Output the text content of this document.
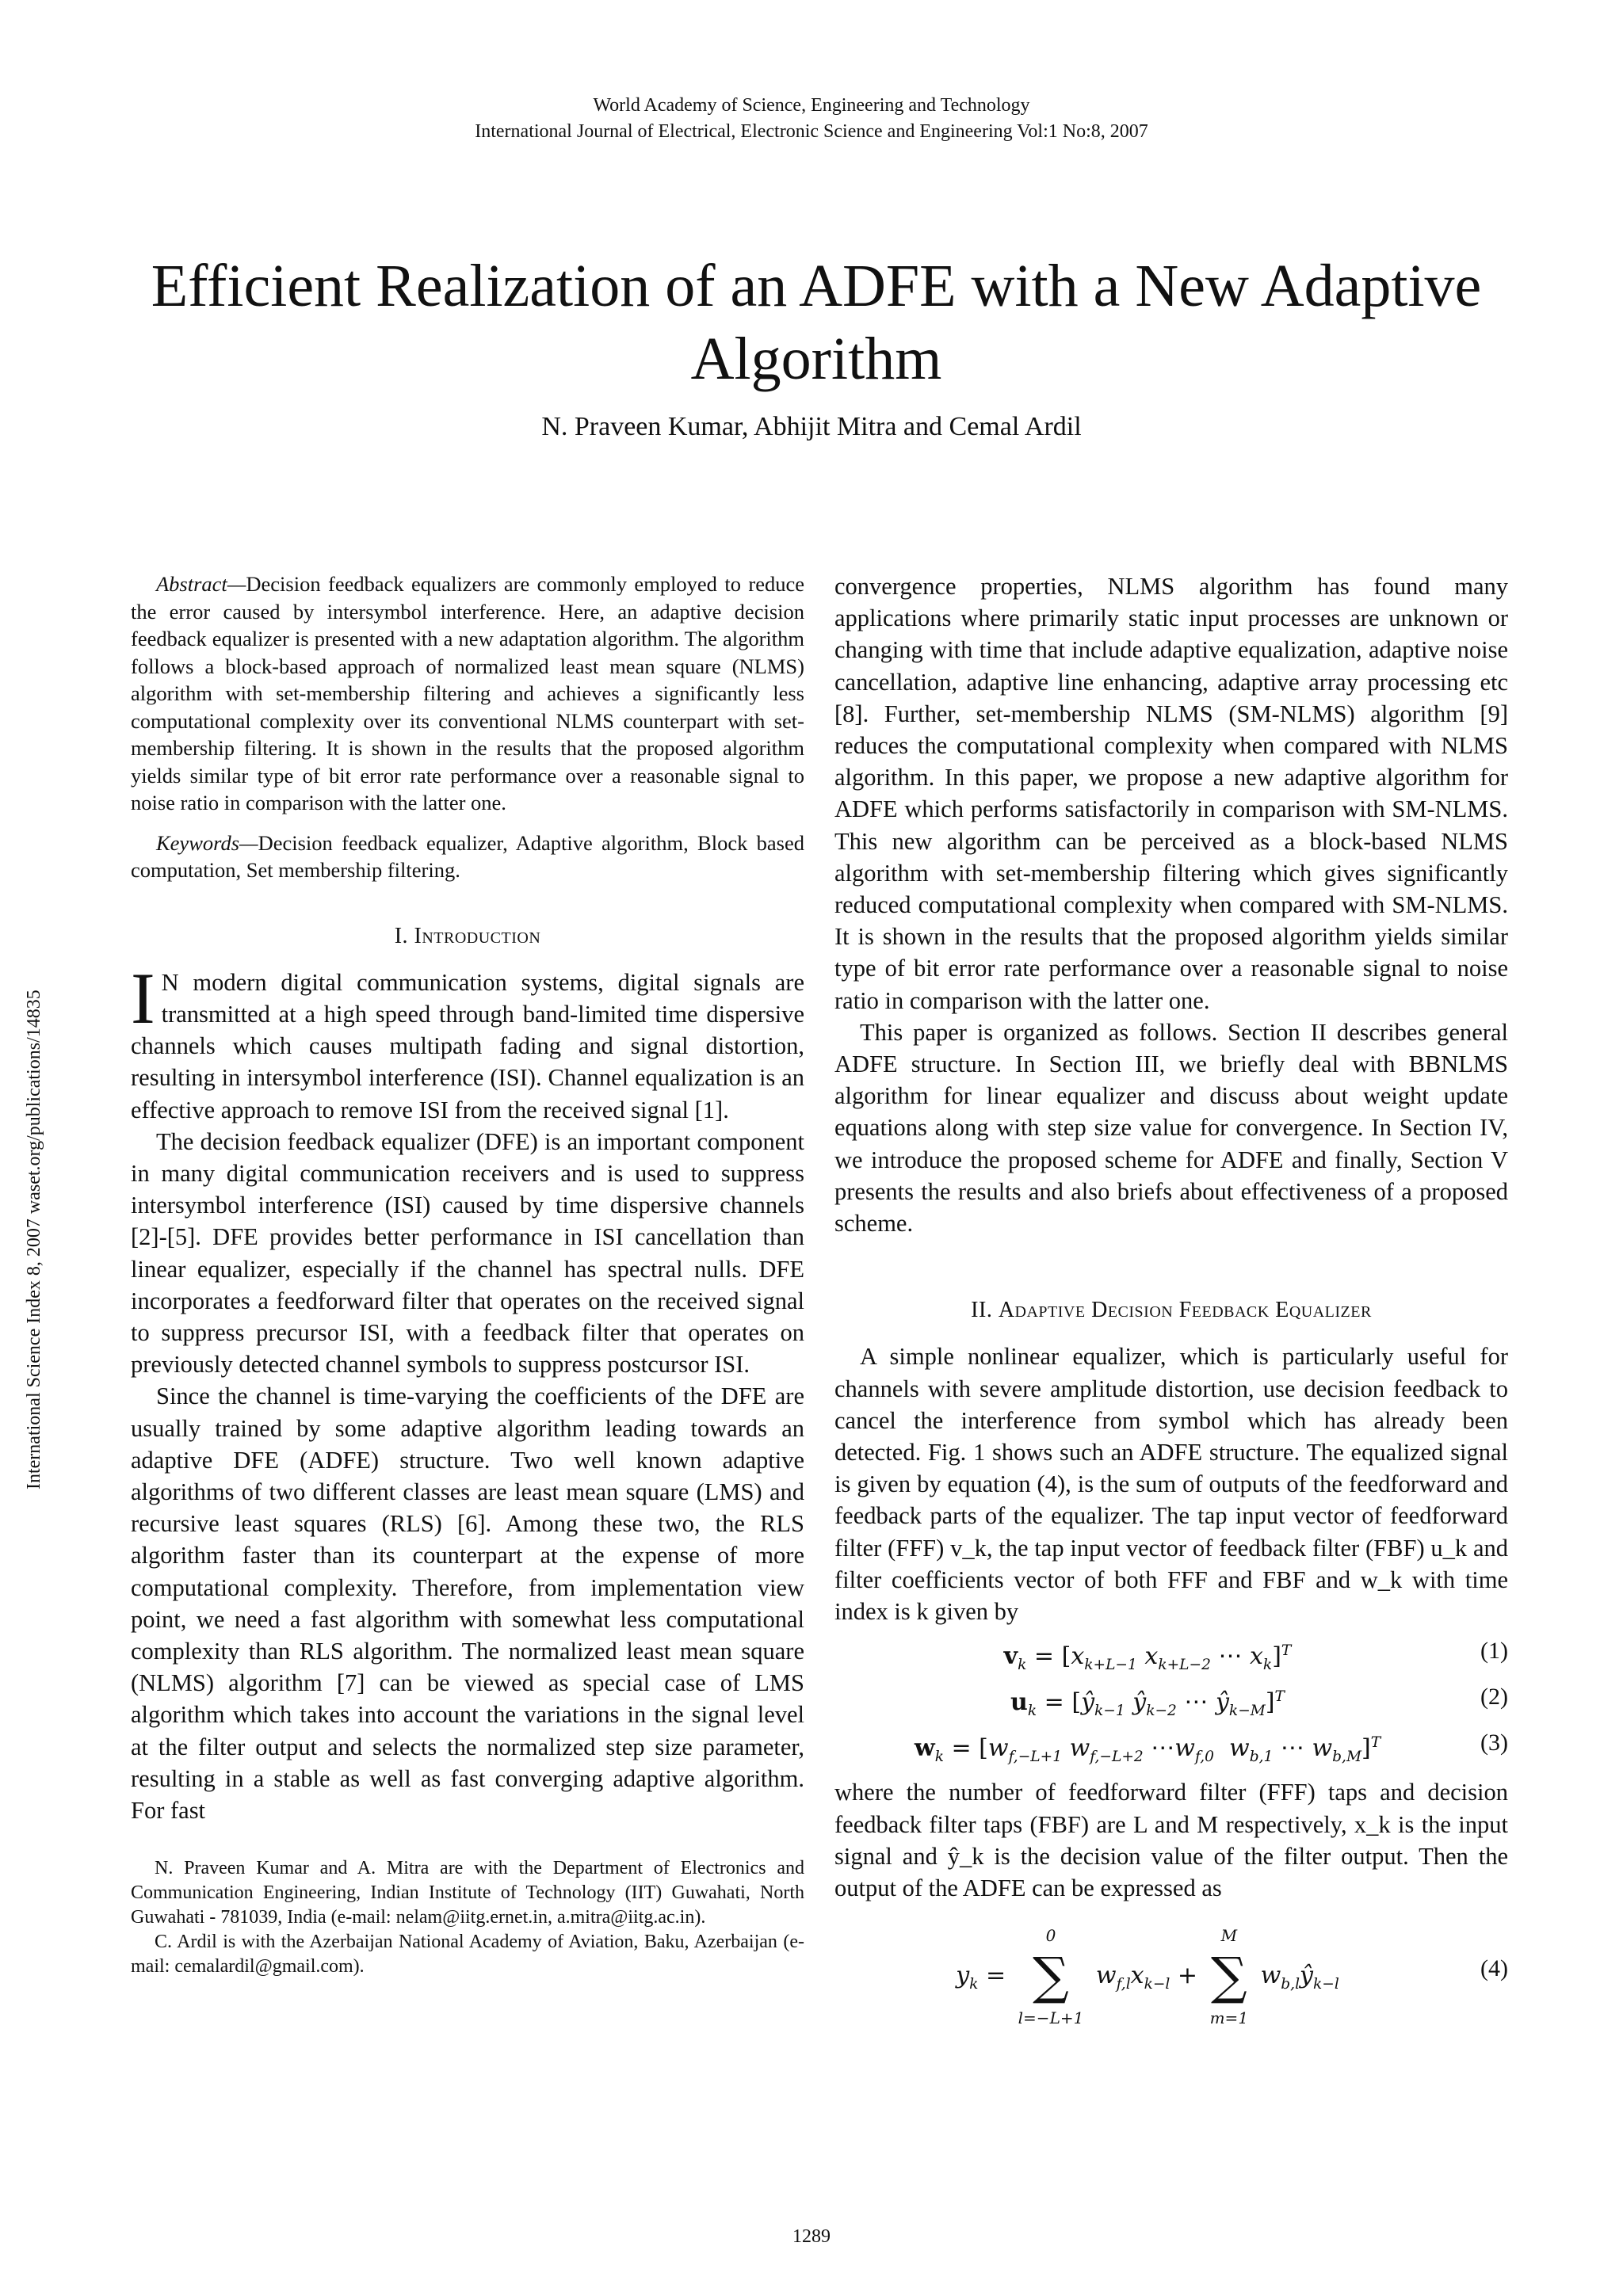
World Academy of Science, Engineering and Technology
International Journal of Electrical, Electronic Science and Engineering Vol:1 No:8, 2007
Efficient Realization of an ADFE with a New Adaptive Algorithm
N. Praveen Kumar, Abhijit Mitra and Cemal Ardil
International Science Index 8, 2007 waset.org/publications/14835

Abstract—Decision feedback equalizers are commonly employed to reduce the error caused by intersymbol interference. Here, an adaptive decision feedback equalizer is presented with a new adaptation algorithm. The algorithm follows a block-based approach of normalized least mean square (NLMS) algorithm with set-membership filtering and achieves a significantly less computational complexity over its conventional NLMS counterpart with set-membership filtering. It is shown in the results that the proposed algorithm yields similar type of bit error rate performance over a reasonable signal to noise ratio in comparison with the latter one.

Keywords—Decision feedback equalizer, Adaptive algorithm, Block based computation, Set membership filtering.

I. Introduction

I N modern digital communication systems, digital signals are transmitted at a high speed through band-limited time dispersive channels which causes multipath fading and signal distortion, resulting in intersymbol interference (ISI). Channel equalization is an effective approach to remove ISI from the received signal [1].

The decision feedback equalizer (DFE) is an important component in many digital communication receivers and is used to suppress intersymbol interference (ISI) caused by time dispersive channels [2]-[5]. DFE provides better performance in ISI cancellation than linear equalizer, especially if the channel has spectral nulls. DFE incorporates a feedforward filter that operates on the received signal to suppress precursor ISI, with a feedback filter that operates on previously detected channel symbols to suppress postcursor ISI.

Since the channel is time-varying the coefficients of the DFE are usually trained by some adaptive algorithm leading towards an adaptive DFE (ADFE) structure. Two well known adaptive algorithms of two different classes are least mean square (LMS) and recursive least squares (RLS) [6]. Among these two, the RLS algorithm faster than its counterpart at the expense of more computational complexity. Therefore, from implementation view point, we need a fast algorithm with somewhat less computational complexity than RLS algorithm. The normalized least mean square (NLMS) algorithm [7] can be viewed as special case of LMS algorithm which takes into account the variations in the signal level at the filter output and selects the normalized step size parameter, resulting in a stable as well as fast converging adaptive algorithm. For fast

N. Praveen Kumar and A. Mitra are with the Department of Electronics and Communication Engineering, Indian Institute of Technology (IIT) Guwahati, North Guwahati - 781039, India (e-mail: nelam@iitg.ernet.in, a.mitra@iitg.ac.in).

C. Ardil is with the Azerbaijan National Academy of Aviation, Baku, Azerbaijan (e-mail: cemalardil@gmail.com).

convergence properties, NLMS algorithm has found many applications where primarily static input processes are unknown or changing with time that include adaptive equalization, adaptive noise cancellation, adaptive line enhancing, adaptive array processing etc [8]. Further, set-membership NLMS (SM-NLMS) algorithm [9] reduces the computational complexity when compared with NLMS algorithm. In this paper, we propose a new adaptive algorithm for ADFE which performs satisfactorily in comparison with SM-NLMS. This new algorithm can be perceived as a block-based NLMS algorithm with set-membership filtering which gives significantly reduced computational complexity when compared with SM-NLMS. It is shown in the results that the proposed algorithm yields similar type of bit error rate performance over a reasonable signal to noise ratio in comparison with the latter one.

This paper is organized as follows. Section II describes general ADFE structure. In Section III, we briefly deal with BBNLMS algorithm for linear equalizer and discuss about weight update equations along with step size value for convergence. In Section IV, we introduce the proposed scheme for ADFE and finally, Section V presents the results and also briefs about effectiveness of a proposed scheme.

II. Adaptive Decision Feedback Equalizer

A simple nonlinear equalizer, which is particularly useful for channels with severe amplitude distortion, use decision feedback to cancel the interference from symbol which has already been detected. Fig. 1 shows such an ADFE structure. The equalized signal is given by equation (4), is the sum of outputs of the feedforward and feedback parts of the equalizer. The tap input vector of feedforward filter (FFF) v_k, the tap input vector of feedback filter (FBF) u_k and filter coefficients vector of both FFF and FBF and w_k with time index is k given by

$v_k = [x_{k+L-1}$ $x_{k+L-2}$ ⋯ $x_k]^T$	(1)
$u_k$ = [$ŷ_{k-1}$ $ŷ_{k-2}$ ⋯ $ŷ_{k-M}]^T$	(2)
$w_k = [w_{f,-L+1}$ $w_{f,-L+2}$ $\cdots w_{f,0}$ $w_{b,1}$ ⋯ $w_{b,M}]^T$	(3)

where the number of feedforward filter (FFF) taps and decision feedback filter taps (FBF) are L and M respectively, x_k is the input signal and ŷ_k is the decision value of the filter output. Then the output of the ADFE can be expressed as

$y_k$ =
0
∑
l=−L+1
$w_{f,l}x_{k-l}$ +
M
∑
m=1
$w_{b,l}ŷ_{k-l}$
(4)
1289
